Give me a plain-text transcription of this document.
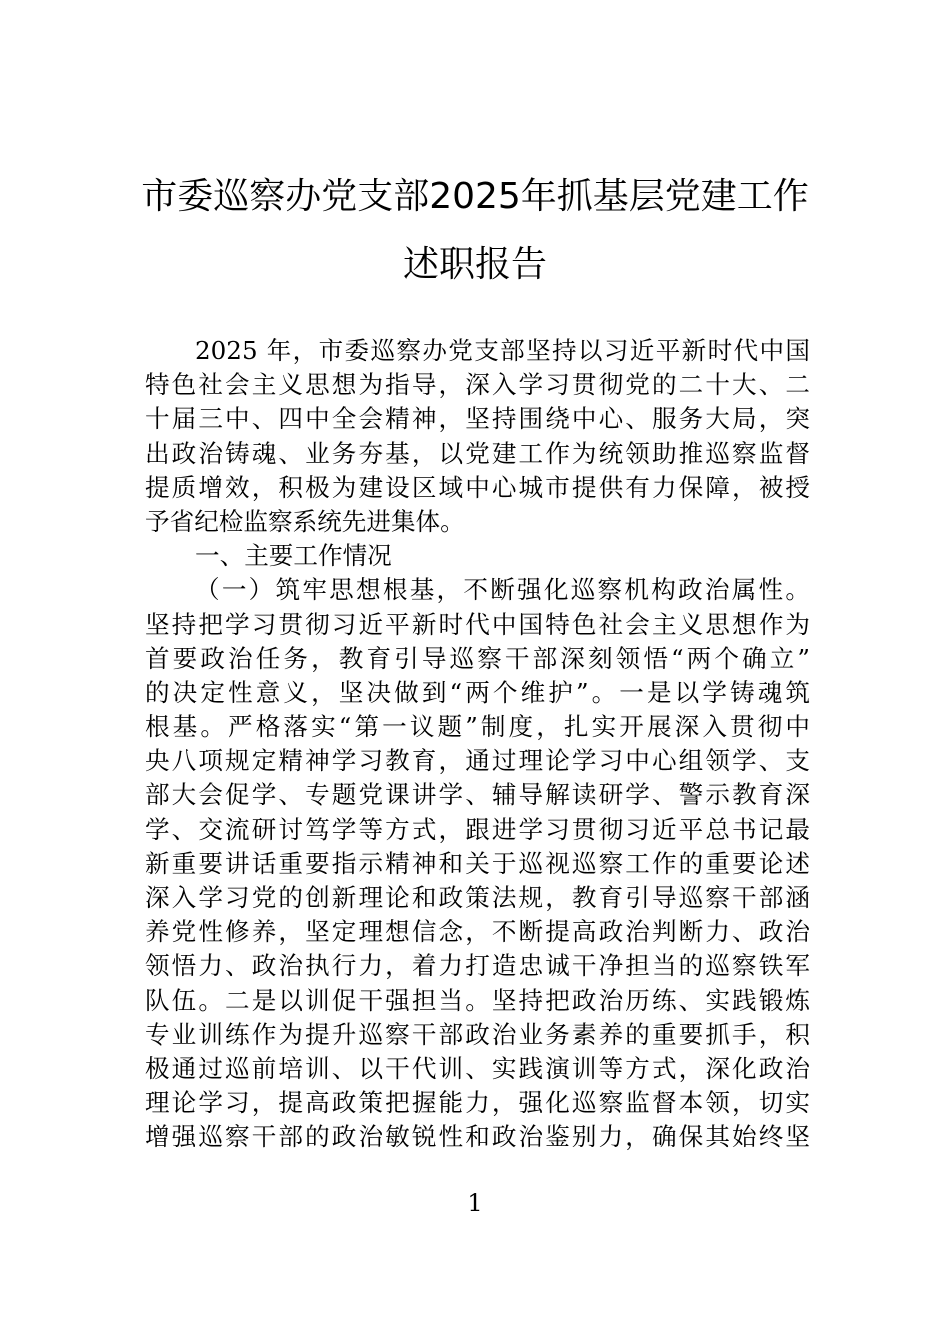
市委巡察办党支部2025年抓基层党建工作
述职报告
2025 年，市委巡察办党支部坚持以习近平新时代中国
特色社会主义思想为指导，深入学习贯彻党的二十大、二
十届三中、四中全会精神，坚持围绕中心、服务大局，突
出政治铸魂、业务夯基，以党建工作为统领助推巡察监督
提质增效，积极为建设区域中心城市提供有力保障，被授
予省纪检监察系统先进集体。
一、主要工作情况
（一）筑牢思想根基，不断强化巡察机构政治属性。
坚持把学习贯彻习近平新时代中国特色社会主义思想作为
首要政治任务，教育引导巡察干部深刻领悟“两个确立”
的决定性意义，坚决做到“两个维护”。一是以学铸魂筑
根基。严格落实“第一议题”制度，扎实开展深入贯彻中
央八项规定精神学习教育，通过理论学习中心组领学、支
部大会促学、专题党课讲学、辅导解读研学、警示教育深
学、交流研讨笃学等方式，跟进学习贯彻习近平总书记最
新重要讲话重要指示精神和关于巡视巡察工作的重要论述
深入学习党的创新理论和政策法规，教育引导巡察干部涵
养党性修养，坚定理想信念，不断提高政治判断力、政治
领悟力、政治执行力，着力打造忠诚干净担当的巡察铁军
队伍。二是以训促干强担当。坚持把政治历练、实践锻炼
专业训练作为提升巡察干部政治业务素养的重要抓手，积
极通过巡前培训、以干代训、实践演训等方式，深化政治
理论学习，提高政策把握能力，强化巡察监督本领，切实
增强巡察干部的政治敏锐性和政治鉴别力，确保其始终坚
1
